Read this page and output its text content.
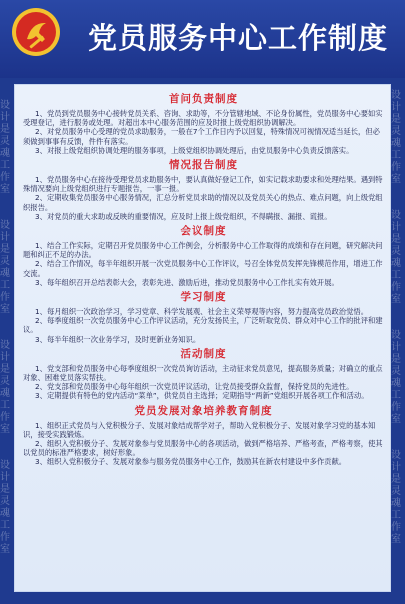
党员服务中心工作制度
设计是灵魂工作室
设计是灵魂工作室
设计是灵魂工作室
设计是灵魂工作室
设计是灵魂工作室
设计是灵魂工作室
设计是灵魂工作室
设计是灵魂工作室
首问负责制度

1、党员到党员服务中心接转党员关系、咨询、求助等，不分管辖地域、不论身份属性，党员服务中心要如实受理登记，进行服务或处理。对超出本中心服务范围的应及时报上级党组织协调解决。

2、对党员服务中心受理的党员求助服务，一般在7个工作日内予以回复，特殊情况可视情况适当延长，但必须做到事事有反馈，件件有落实。

3、对报上级党组织协调处理的服务事项，上级党组织协调处理后，由党员服务中心负责反馈落实。

情况报告制度

1、党员服务中心在接待受理党员求助服务中，要认真做好登记工作，如实记载求助要求和处理结果。遇到特殊情况要向上级党组织进行专题报告，一事一报。

2、定期收集党员服务中心服务情况，汇总分析党员求助的情况以及党员关心的热点、难点问题，向上级党组织报告。

3、对党员的重大求助或反映的重要情况，应及时上报上级党组织，不得瞒报、漏报、谎报。

会议制度

1、结合工作实际，定期召开党员服务中心工作例会，分析服务中心工作取得的成绩和存在问题，研究解决问题和纠正不足的办法。

2、结合工作情况，每半年组织开展一次党员服务中心工作评议，号召全体党员发挥先锋模范作用，增进工作交流。

3、每年组织召开总结表彰大会，表彰先进、激励后进，推动党员服务中心工作扎实有效开展。

学习制度

1、每月组织一次政治学习，学习党章、科学发展观、社会主义荣辱观等内容，努力提高党员政治觉悟。

2、每季度组织一次党员服务中心工作评议活动，充分发扬民主，广泛听取党员、群众对中心工作的批评和建议。

3、每半年组织一次业务学习，及时更新业务知识。

活动制度

1、党支部和党员服务中心每季度组织一次党员询访活动，主动征求党员意见，提高服务质量；对确立的重点对象、困难党员落实帮扶。

2、党支部和党员服务中心每年组织一次党员评议活动，让党员接受群众监督，保持党员的先进性。

3、定期提供有特色的党内活动“菜单”，供党员自主选择；定期指导“两新”党组织开展各项工作和活动。

党员发展对象培养教育制度

1、组织正式党员与入党积极分子、发展对象结成帮学对子，帮助入党积极分子、发展对象学习党的基本知识，接受实践锻炼。

2、组织入党积极分子、发展对象参与党员服务中心的各项活动，做到严格培养、严格考查，严格考察，使其以党员的标准严格要求，树好形象。

3、组织入党积极分子、发展对象参与服务党员服务中心工作，鼓励其在新农村建设中多作贡献。
